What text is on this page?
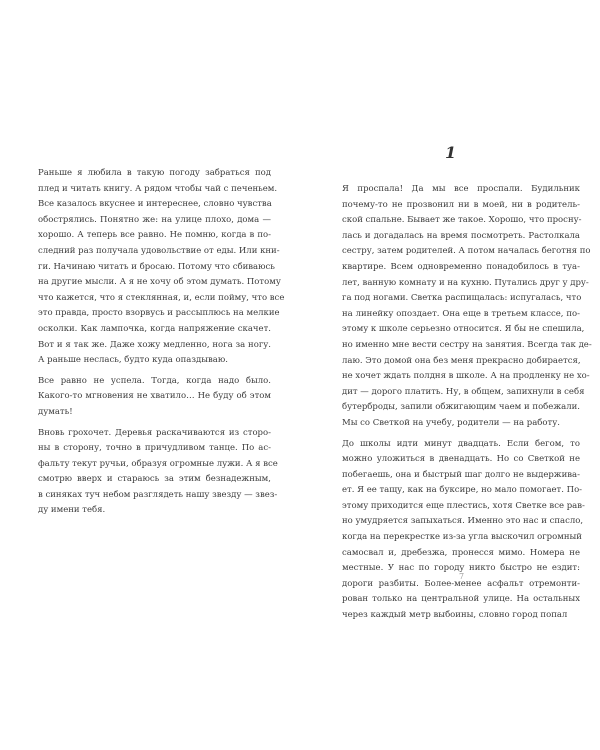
Раньше я любила в такую погоду забраться под
плед и читать книгу. А рядом чтобы чай с печеньем.
Все казалось вкуснее и интереснее, словно чувства
обострялись. Понятно же: на улице плохо, дома —
хорошо. А теперь все равно. Не помню, когда в по-
следний раз получала удовольствие от еды. Или кни-
ги. Начинаю читать и бросаю. Потому что сбиваюсь
на другие мысли. А я не хочу об этом думать. Потому
что кажется, что я стеклянная, и, если пойму, что все
это правда, просто взорвусь и рассыплюсь на мелкие
осколки. Как лампочка, когда напряжение скачет.
Вот и я так же. Даже хожу медленно, нога за ногу.
А раньше неслась, будто куда опаздываю.

Все равно не успела. Тогда, когда надо было.
Какого-то мгновения не хватило… Не буду об этом
думать!

Вновь грохочет. Деревья раскачиваются из сторо-
ны в сторону, точно в причудливом танце. По ас-
фальту текут ручьи, образуя огромные лужи. А я все
смотрю вверх и стараюсь за этим безнадежным,
в синяках туч небом разглядеть нашу звезду — звез-
ду имени тебя.

1

Я проспала! Да мы все проспали. Будильник
почему-то не прозвонил ни в моей, ни в родитель-
ской спальне. Бывает же такое. Хорошо, что просну-
лась и догадалась на время посмотреть. Растолкала
сестру, затем родителей. А потом началась беготня по
квартире. Всем одновременно понадобилось в туа-
лет, ванную комнату и на кухню. Путались друг у дру-
га под ногами. Светка распищалась: испугалась, что
на линейку опоздает. Она еще в третьем классе, по-
этому к школе серьезно относится. Я бы не спешила,
но именно мне вести сестру на занятия. Всегда так де-
лаю. Это домой она без меня прекрасно добирается,
не хочет ждать полдня в школе. А на продленку не хо-
дит — дорого платить. Ну, в общем, запихнули в себя
бутерброды, запили обжигающим чаем и побежали.
Мы со Светкой на учебу, родители — на работу.

До школы идти минут двадцать. Если бегом, то
можно уложиться в двенадцать. Но со Светкой не
побегаешь, она и быстрый шаг долго не выдержива-
ет. Я ее тащу, как на буксире, но мало помогает. По-
этому приходится еще плестись, хотя Светке все рав-
но умудряется запыхаться. Именно это нас и спасло,
когда на перекрестке из-за угла выскочил огромный
самосвал и, дребезжа, пронесся мимо. Номера не
местные. У нас по городу никто быстро не ездит:
дороги разбиты. Более-менее асфальт отремонти-
рован только на центральной улице. На остальных
через каждый метр выбоины, словно город попал

7
